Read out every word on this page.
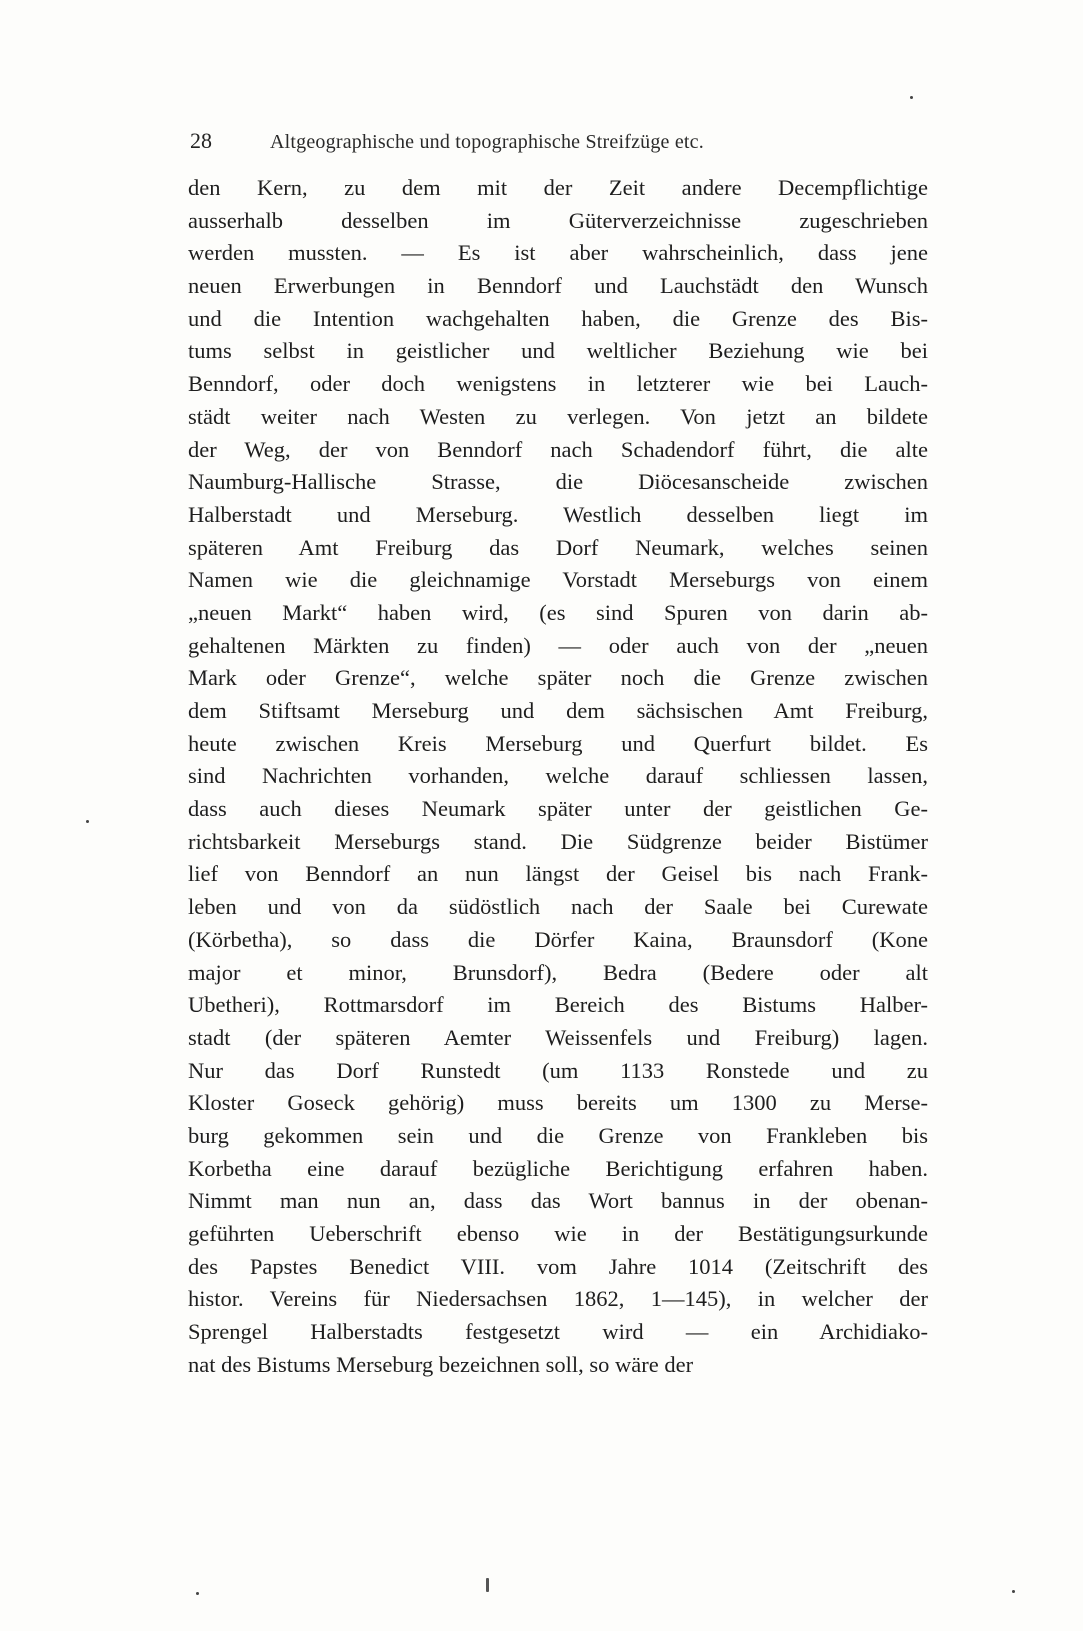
28	Altgeographische und topographische Streifzüge etc.
den Kern, zu dem mit der Zeit andere Decempflichtige
ausserhalb desselben im Güterverzeichnisse zugeschrieben
werden mussten. — Es ist aber wahrscheinlich, dass jene
neuen Erwerbungen in Benndorf und Lauchstädt den Wunsch
und die Intention wachgehalten haben, die Grenze des Bis-
tums selbst in geistlicher und weltlicher Beziehung wie bei
Benndorf, oder doch wenigstens in letzterer wie bei Lauch-
städt weiter nach Westen zu verlegen. Von jetzt an bildete
der Weg, der von Benndorf nach Schadendorf führt, die alte
Naumburg-Hallische Strasse, die Diöcesanscheide zwischen
Halberstadt und Merseburg. Westlich desselben liegt im
späteren Amt Freiburg das Dorf Neumark, welches seinen
Namen wie die gleichnamige Vorstadt Merseburgs von einem
„neuen Markt“ haben wird, (es sind Spuren von darin ab-
gehaltenen Märkten zu finden) — oder auch von der „neuen
Mark oder Grenze“, welche später noch die Grenze zwischen
dem Stiftsamt Merseburg und dem sächsischen Amt Freiburg,
heute zwischen Kreis Merseburg und Querfurt bildet. Es
sind Nachrichten vorhanden, welche darauf schliessen lassen,
dass auch dieses Neumark später unter der geistlichen Ge-
richtsbarkeit Merseburgs stand. Die Südgrenze beider Bistümer
lief von Benndorf an nun längst der Geisel bis nach Frank-
leben und von da südöstlich nach der Saale bei Curewate
(Körbetha), so dass die Dörfer Kaina, Braunsdorf (Kone
major et minor, Brunsdorf), Bedra (Bedere oder alt
Ubetheri), Rottmarsdorf im Bereich des Bistums Halber-
stadt (der späteren Aemter Weissenfels und Freiburg) lagen.
Nur das Dorf Runstedt (um 1133 Ronstede und zu
Kloster Goseck gehörig) muss bereits um 1300 zu Merse-
burg gekommen sein und die Grenze von Frankleben bis
Korbetha eine darauf bezügliche Berichtigung erfahren haben.
Nimmt man nun an, dass das Wort bannus in der obenan-
geführten Ueberschrift ebenso wie in der Bestätigungsurkunde
des Papstes Benedict VIII. vom Jahre 1014 (Zeitschrift des
histor. Vereins für Niedersachsen 1862, 1—145), in welcher der
Sprengel Halberstadts festgesetzt wird — ein Archidiako-
nat des Bistums Merseburg bezeichnen soll, so wäre der
